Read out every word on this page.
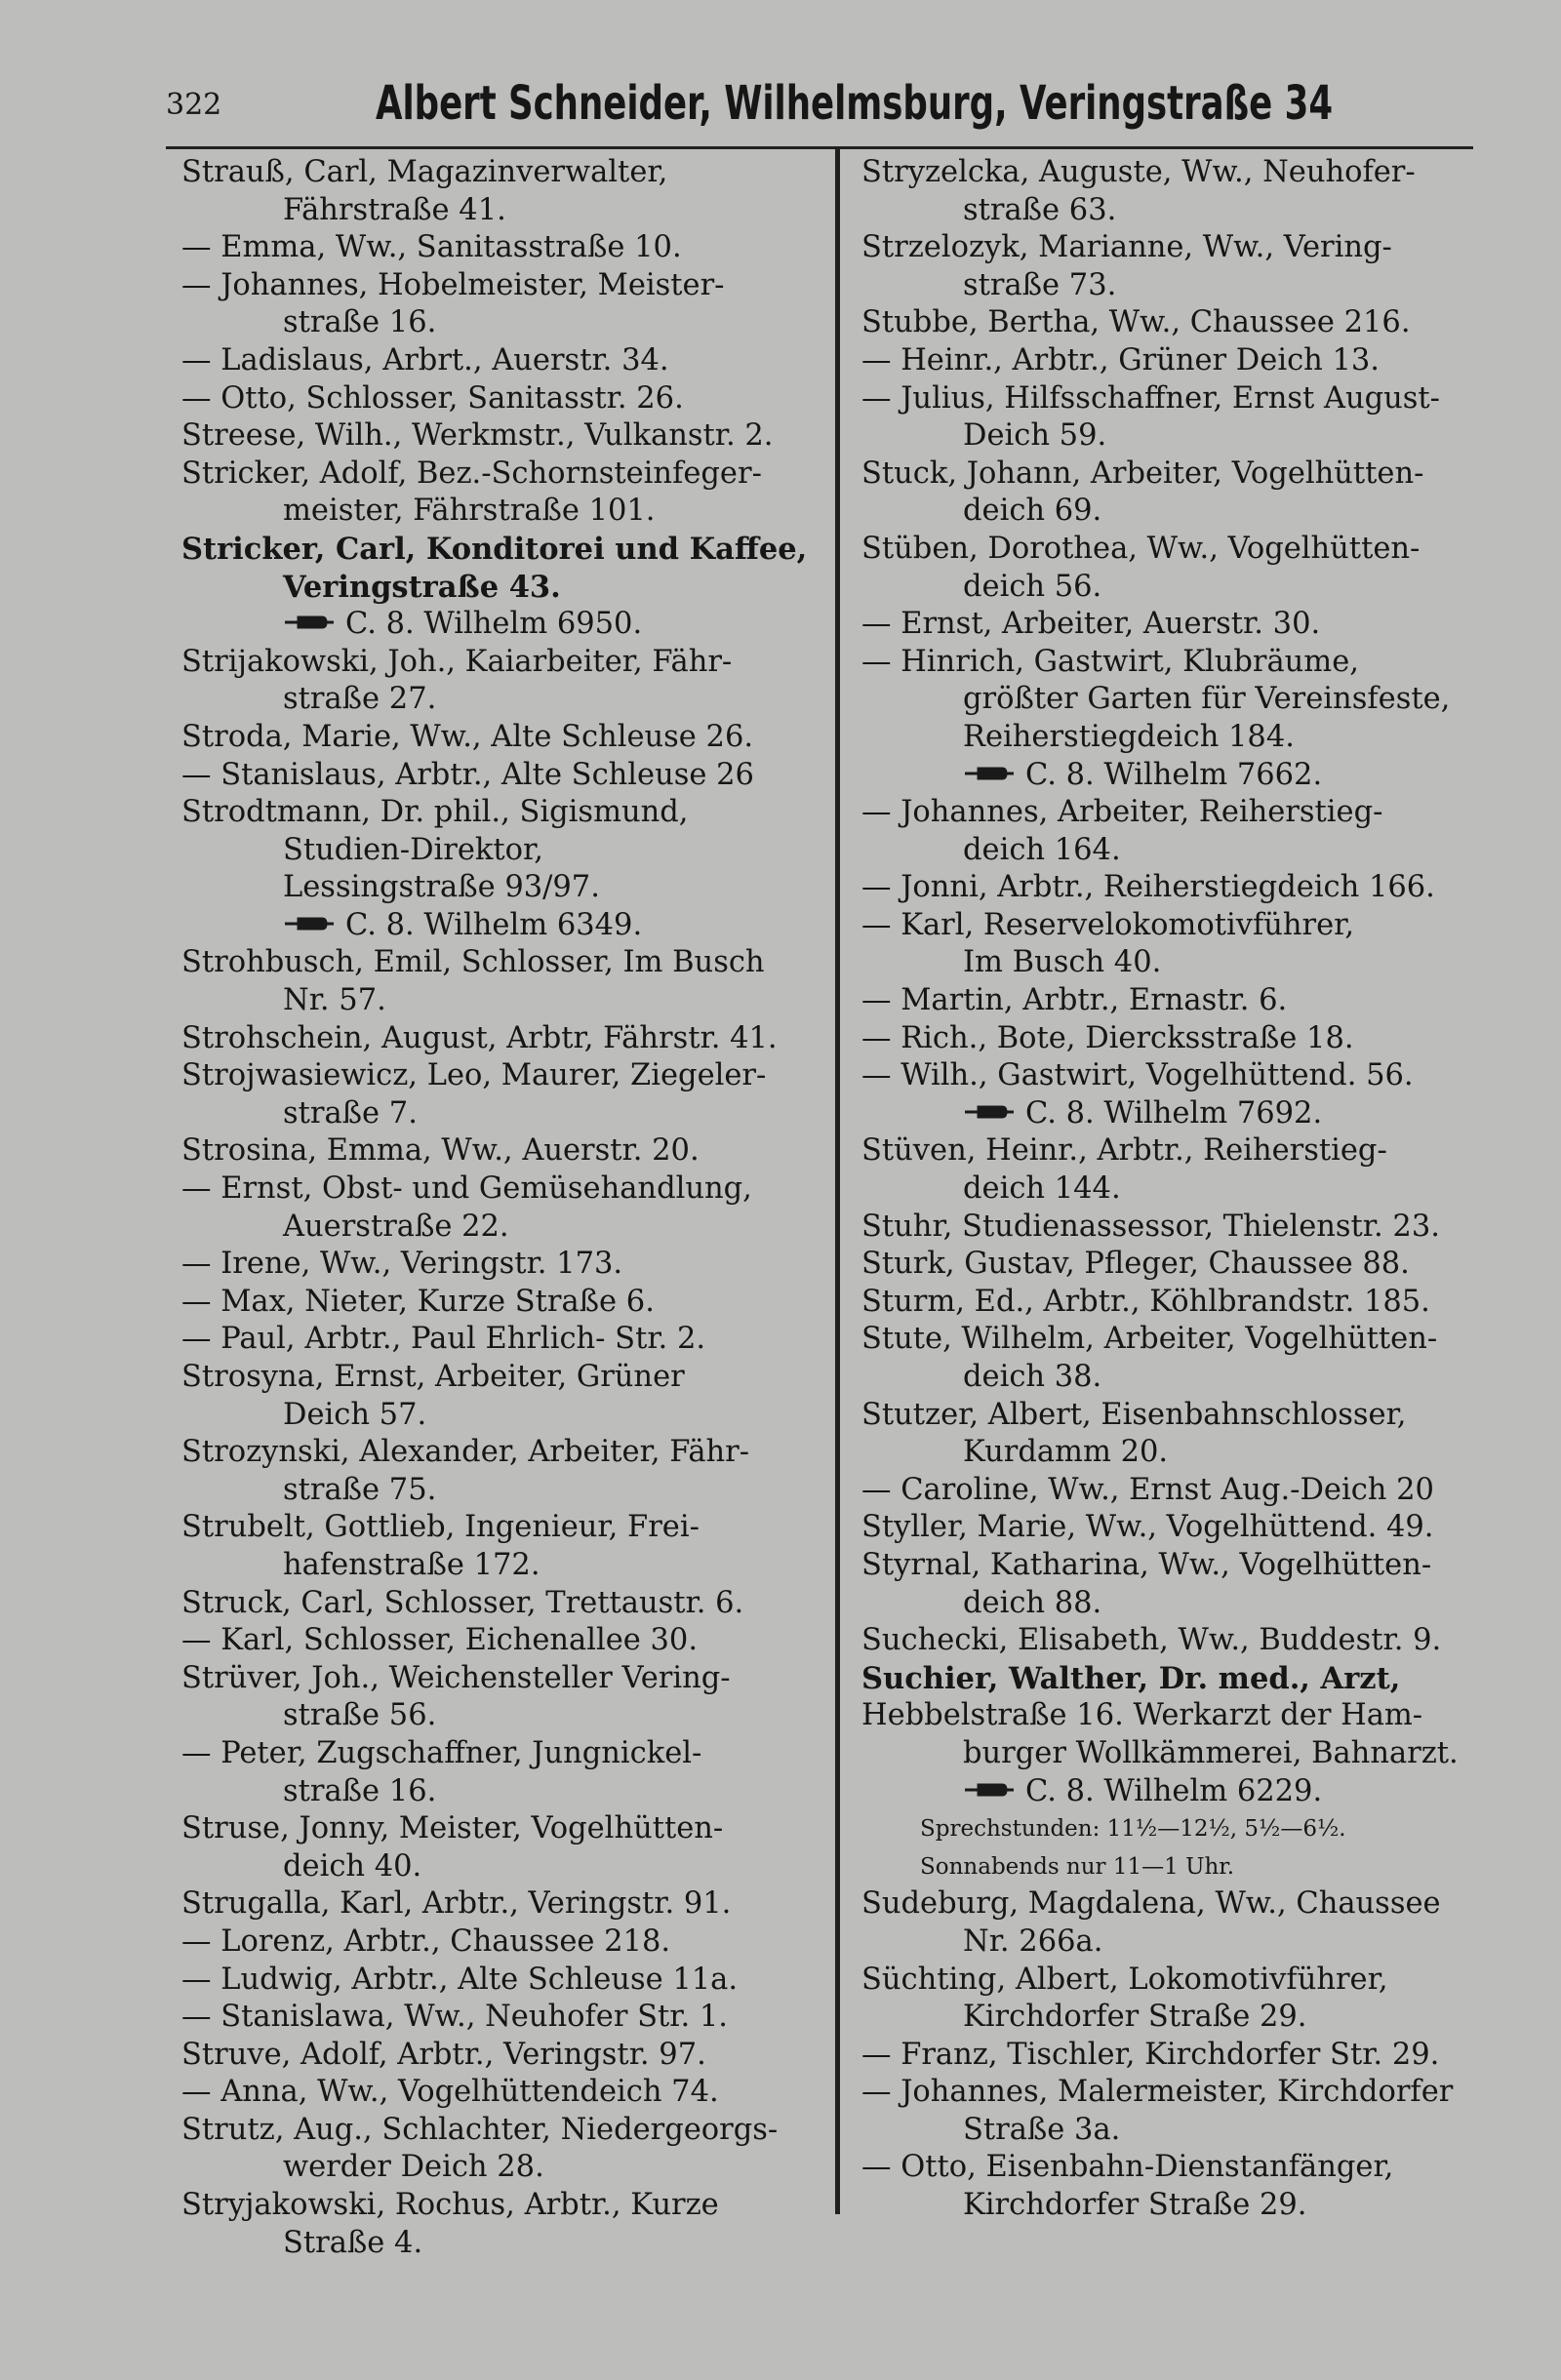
322	Albert Schneider, Wilhelmsburg, Veringstraße 34
Strauß, Carl, Magazinverwalter,
Fährstraße 41.
— Emma, Ww., Sanitasstraße 10.
— Johannes, Hobelmeister, Meister-
straße 16.
— Ladislaus, Arbrt., Auerstr. 34.
— Otto, Schlosser, Sanitasstr. 26.
Streese, Wilh., Werkmstr., Vulkanstr. 2.
Stricker, Adolf, Bez.-Schornsteinfeger-
meister, Fährstraße 101.
Stricker, Carl, Konditorei und Kaffee,
Veringstraße 43.
C. 8. Wilhelm 6950.
Strijakowski, Joh., Kaiarbeiter, Fähr-
straße 27.
Stroda, Marie, Ww., Alte Schleuse 26.
— Stanislaus, Arbtr., Alte Schleuse 26
Strodtmann, Dr. phil., Sigismund,
Studien-Direktor,
Lessingstraße 93/97.
C. 8. Wilhelm 6349.
Strohbusch, Emil, Schlosser, Im Busch
Nr. 57.
Strohschein, August, Arbtr, Fährstr. 41.
Strojwasiewicz, Leo, Maurer, Ziegeler-
straße 7.
Strosina, Emma, Ww., Auerstr. 20.
— Ernst, Obst- und Gemüsehandlung,
Auerstraße 22.
— Irene, Ww., Veringstr. 173.
— Max, Nieter, Kurze Straße 6.
— Paul, Arbtr., Paul Ehrlich- Str. 2.
Strosyna, Ernst, Arbeiter, Grüner
Deich 57.
Strozynski, Alexander, Arbeiter, Fähr-
straße 75.
Strubelt, Gottlieb, Ingenieur, Frei-
hafenstraße 172.
Struck, Carl, Schlosser, Trettaustr. 6.
— Karl, Schlosser, Eichenallee 30.
Strüver, Joh., Weichensteller Vering-
straße 56.
— Peter, Zugschaffner, Jungnickel-
straße 16.
Struse, Jonny, Meister, Vogelhütten-
deich 40.
Strugalla, Karl, Arbtr., Veringstr. 91.
— Lorenz, Arbtr., Chaussee 218.
— Ludwig, Arbtr., Alte Schleuse 11a.
— Stanislawa, Ww., Neuhofer Str. 1.
Struve, Adolf, Arbtr., Veringstr. 97.
— Anna, Ww., Vogelhüttendeich 74.
Strutz, Aug., Schlachter, Niedergeorgs-
werder Deich 28.
Stryjakowski, Rochus, Arbtr., Kurze
Straße 4.
Stryzelcka, Auguste, Ww., Neuhofer-
straße 63.
Strzelozyk, Marianne, Ww., Vering-
straße 73.
Stubbe, Bertha, Ww., Chaussee 216.
— Heinr., Arbtr., Grüner Deich 13.
— Julius, Hilfsschaffner, Ernst August-
Deich 59.
Stuck, Johann, Arbeiter, Vogelhütten-
deich 69.
Stüben, Dorothea, Ww., Vogelhütten-
deich 56.
— Ernst, Arbeiter, Auerstr. 30.
— Hinrich, Gastwirt, Klubräume,
größter Garten für Vereinsfeste,
Reiherstiegdeich 184.
C. 8. Wilhelm 7662.
— Johannes, Arbeiter, Reiherstieg-
deich 164.
— Jonni, Arbtr., Reiherstiegdeich 166.
— Karl, Reservelokomotivführer,
Im Busch 40.
— Martin, Arbtr., Ernastr. 6.
— Rich., Bote, Diercksstraße 18.
— Wilh., Gastwirt, Vogelhüttend. 56.
C. 8. Wilhelm 7692.
Stüven, Heinr., Arbtr., Reiherstieg-
deich 144.
Stuhr, Studienassessor, Thielenstr. 23.
Sturk, Gustav, Pfleger, Chaussee 88.
Sturm, Ed., Arbtr., Köhlbrandstr. 185.
Stute, Wilhelm, Arbeiter, Vogelhütten-
deich 38.
Stutzer, Albert, Eisenbahnschlosser,
Kurdamm 20.
— Caroline, Ww., Ernst Aug.-Deich 20
Styller, Marie, Ww., Vogelhüttend. 49.
Styrnal, Katharina, Ww., Vogelhütten-
deich 88.
Suchecki, Elisabeth, Ww., Buddestr. 9.
Suchier, Walther, Dr. med., Arzt,
Hebbelstraße 16. Werkarzt der Ham-
burger Wollkämmerei, Bahnarzt.
C. 8. Wilhelm 6229.
Sprechstunden: 11½—12½, 5½—6½.
Sonnabends nur 11—1 Uhr.
Sudeburg, Magdalena, Ww., Chaussee
Nr. 266a.
Süchting, Albert, Lokomotivführer,
Kirchdorfer Straße 29.
— Franz, Tischler, Kirchdorfer Str. 29.
— Johannes, Malermeister, Kirchdorfer
Straße 3a.
— Otto, Eisenbahn-Dienstanfänger,
Kirchdorfer Straße 29.
